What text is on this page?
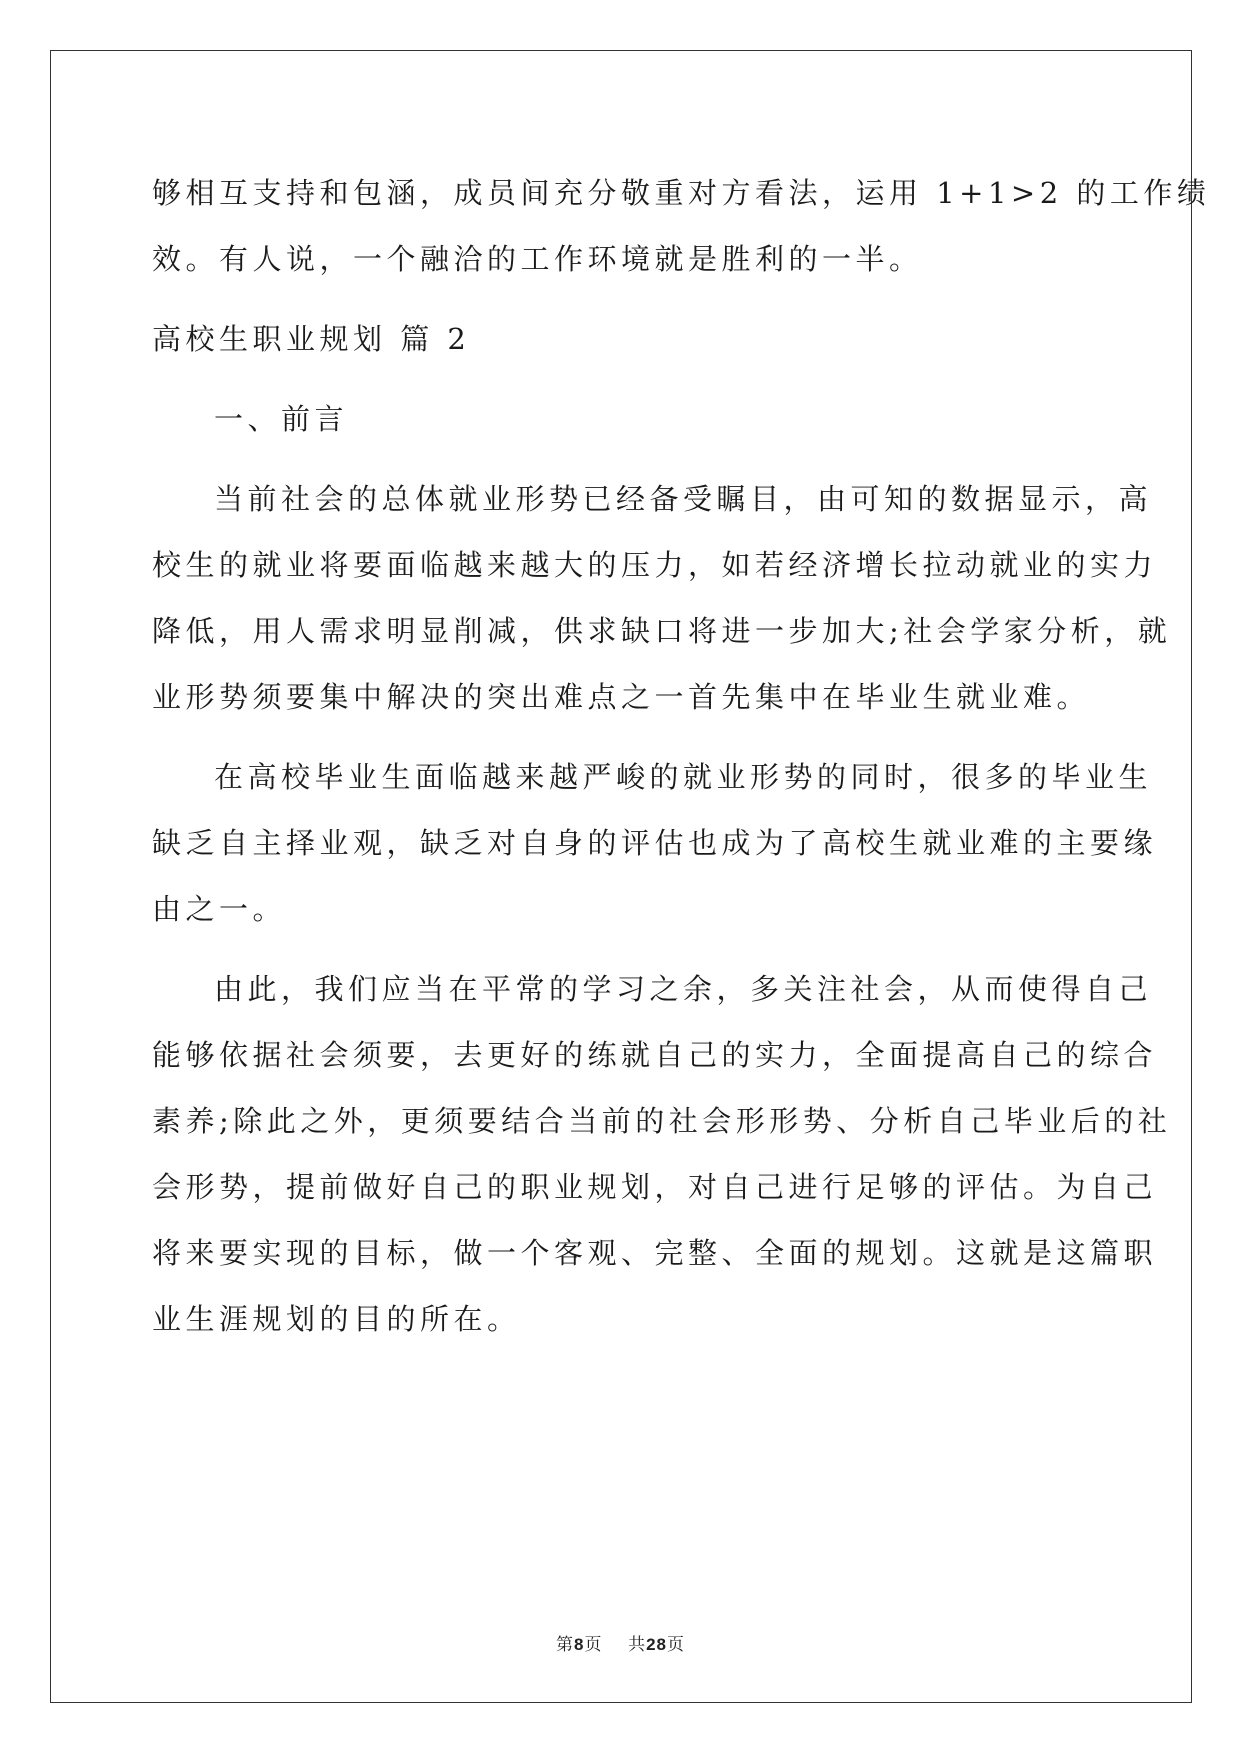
够相互支持和包涵，成员间充分敬重对方看法，运用 1+1>2 的工作绩
效。有人说，一个融洽的工作环境就是胜利的一半。
高校生职业规划 篇 2
一、前言
当前社会的总体就业形势已经备受瞩目，由可知的数据显示，高
校生的就业将要面临越来越大的压力，如若经济增长拉动就业的实力
降低，用人需求明显削减，供求缺口将进一步加大;社会学家分析，就
业形势须要集中解决的突出难点之一首先集中在毕业生就业难。
在高校毕业生面临越来越严峻的就业形势的同时，很多的毕业生
缺乏自主择业观，缺乏对自身的评估也成为了高校生就业难的主要缘
由之一。
由此，我们应当在平常的学习之余，多关注社会，从而使得自己
能够依据社会须要，去更好的练就自己的实力，全面提高自己的综合
素养;除此之外，更须要结合当前的社会形形势、分析自己毕业后的社
会形势，提前做好自己的职业规划，对自己进行足够的评估。为自己
将来要实现的目标，做一个客观、完整、全面的规划。这就是这篇职
业生涯规划的目的所在。
第8页 共28页
